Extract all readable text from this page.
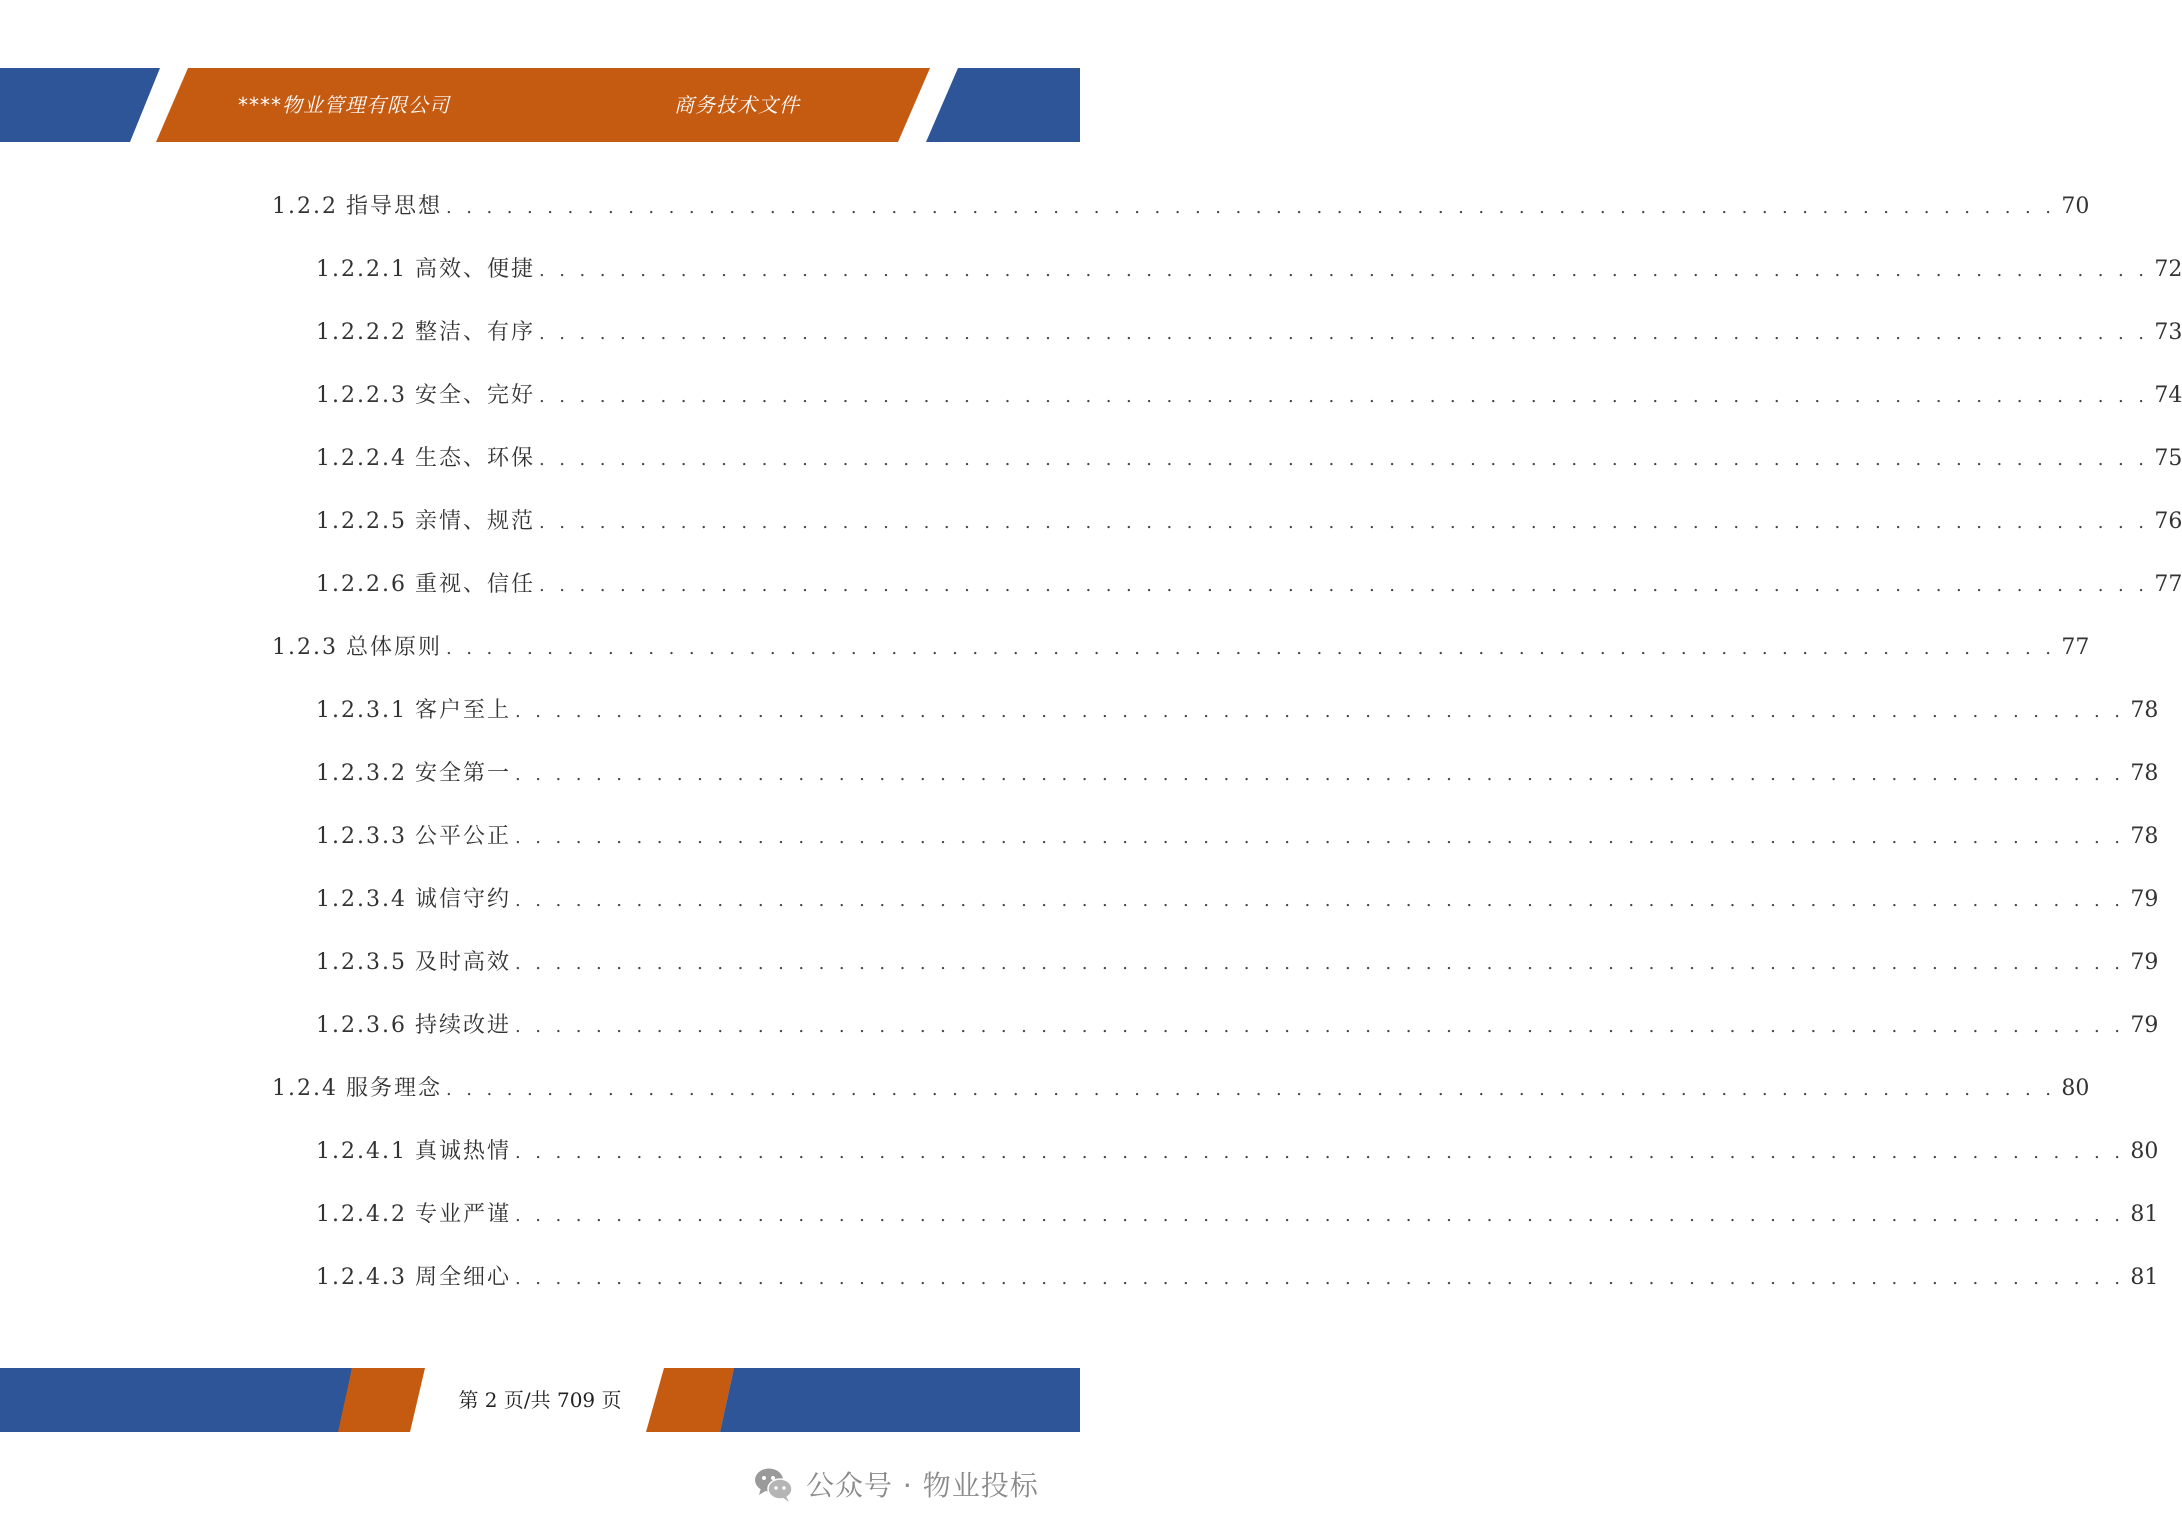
****物业管理有限公司	商务技术文件
1.2.2 指导思想 . . . . . . . . . . . . . . . . . . . . . . . . . . . . . . . . . . . . . . . . . . . . . . . . . . . . . . . . . . . . . . . . . . . . . . . . . . . . . . . . 70
1.2.2.1 高效、便捷 . . . . . . . . . . . . . . . . . . . . . . . . . . . . . . . . . . . . . . . . . . . . . . . . . . . . . . . . . . . . . . . . . . . . . . . . . . . . . . . . 72
1.2.2.2 整洁、有序 . . . . . . . . . . . . . . . . . . . . . . . . . . . . . . . . . . . . . . . . . . . . . . . . . . . . . . . . . . . . . . . . . . . . . . . . . . . . . . . . 73
1.2.2.3 安全、完好 . . . . . . . . . . . . . . . . . . . . . . . . . . . . . . . . . . . . . . . . . . . . . . . . . . . . . . . . . . . . . . . . . . . . . . . . . . . . . . . . 74
1.2.2.4 生态、环保 . . . . . . . . . . . . . . . . . . . . . . . . . . . . . . . . . . . . . . . . . . . . . . . . . . . . . . . . . . . . . . . . . . . . . . . . . . . . . . . . 75
1.2.2.5 亲情、规范 . . . . . . . . . . . . . . . . . . . . . . . . . . . . . . . . . . . . . . . . . . . . . . . . . . . . . . . . . . . . . . . . . . . . . . . . . . . . . . . . 76
1.2.2.6 重视、信任 . . . . . . . . . . . . . . . . . . . . . . . . . . . . . . . . . . . . . . . . . . . . . . . . . . . . . . . . . . . . . . . . . . . . . . . . . . . . . . . . 77
1.2.3 总体原则 . . . . . . . . . . . . . . . . . . . . . . . . . . . . . . . . . . . . . . . . . . . . . . . . . . . . . . . . . . . . . . . . . . . . . . . . . . . . . . . . 77
1.2.3.1 客户至上 . . . . . . . . . . . . . . . . . . . . . . . . . . . . . . . . . . . . . . . . . . . . . . . . . . . . . . . . . . . . . . . . . . . . . . . . . . . . . . . . 78
1.2.3.2 安全第一 . . . . . . . . . . . . . . . . . . . . . . . . . . . . . . . . . . . . . . . . . . . . . . . . . . . . . . . . . . . . . . . . . . . . . . . . . . . . . . . . 78
1.2.3.3 公平公正 . . . . . . . . . . . . . . . . . . . . . . . . . . . . . . . . . . . . . . . . . . . . . . . . . . . . . . . . . . . . . . . . . . . . . . . . . . . . . . . . 78
1.2.3.4 诚信守约 . . . . . . . . . . . . . . . . . . . . . . . . . . . . . . . . . . . . . . . . . . . . . . . . . . . . . . . . . . . . . . . . . . . . . . . . . . . . . . . . 79
1.2.3.5 及时高效 . . . . . . . . . . . . . . . . . . . . . . . . . . . . . . . . . . . . . . . . . . . . . . . . . . . . . . . . . . . . . . . . . . . . . . . . . . . . . . . . 79
1.2.3.6 持续改进 . . . . . . . . . . . . . . . . . . . . . . . . . . . . . . . . . . . . . . . . . . . . . . . . . . . . . . . . . . . . . . . . . . . . . . . . . . . . . . . . 79
1.2.4 服务理念 . . . . . . . . . . . . . . . . . . . . . . . . . . . . . . . . . . . . . . . . . . . . . . . . . . . . . . . . . . . . . . . . . . . . . . . . . . . . . . . . 80
1.2.4.1 真诚热情 . . . . . . . . . . . . . . . . . . . . . . . . . . . . . . . . . . . . . . . . . . . . . . . . . . . . . . . . . . . . . . . . . . . . . . . . . . . . . . . . 80
1.2.4.2 专业严谨 . . . . . . . . . . . . . . . . . . . . . . . . . . . . . . . . . . . . . . . . . . . . . . . . . . . . . . . . . . . . . . . . . . . . . . . . . . . . . . . . 81
1.2.4.3 周全细心 . . . . . . . . . . . . . . . . . . . . . . . . . . . . . . . . . . . . . . . . . . . . . . . . . . . . . . . . . . . . . . . . . . . . . . . . . . . . . . . . 81
第 2 页/共 709 页
公众号 · 物业投标
